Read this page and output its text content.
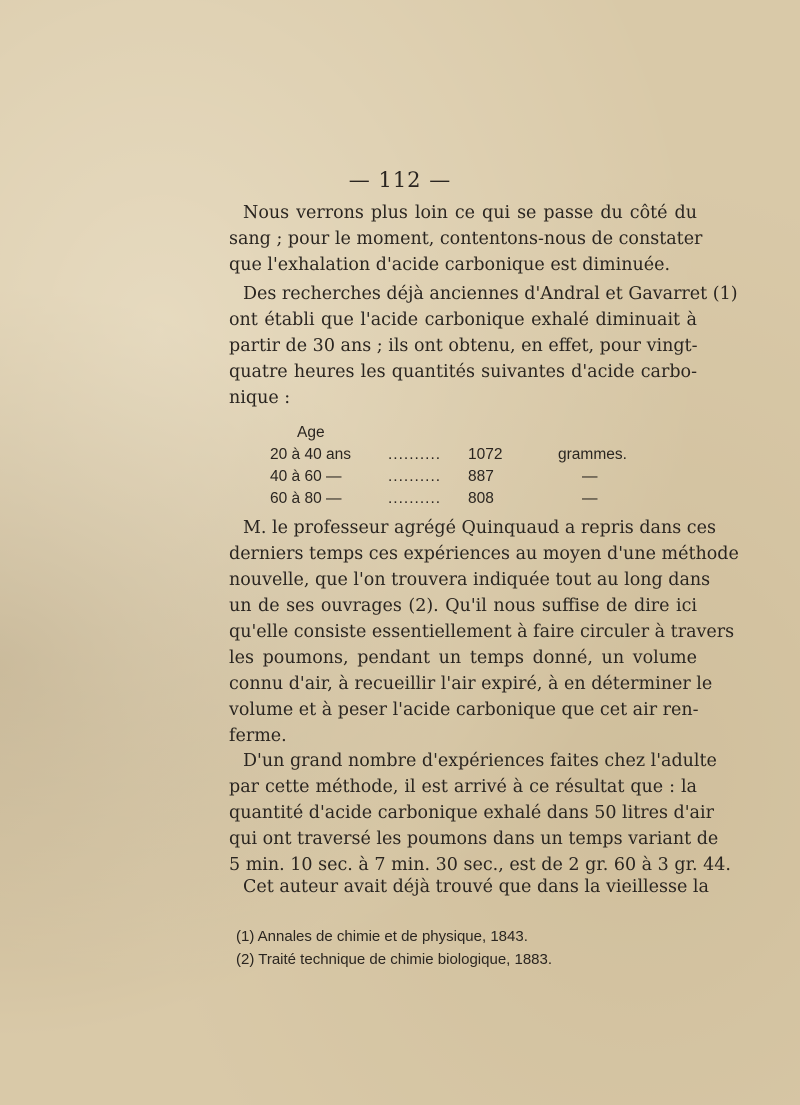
— 112 —
Nous verrons plus loin ce qui se passe du côté du
sang ; pour le moment, contentons-nous de constater
que l'exhalation d'acide carbonique est diminuée.
Des recherches déjà anciennes d'Andral et Gavarret (1)
ont établi que l'acide carbonique exhalé diminuait à
partir de 30 ans ; ils ont obtenu, en effet, pour vingt-
quatre heures les quantités suivantes d'acide carbo-
nique :
Age
20 à 40 ans	..........	1072	grammes.
40 à 60 —	..........	887	—
60 à 80 —	..........	808	—
M. le professeur agrégé Quinquaud a repris dans ces
derniers temps ces expériences au moyen d'une méthode
nouvelle, que l'on trouvera indiquée tout au long dans
un de ses ouvrages (2). Qu'il nous suffise de dire ici
qu'elle consiste essentiellement à faire circuler à travers
les poumons, pendant un temps donné, un volume
connu d'air, à recueillir l'air expiré, à en déterminer le
volume et à peser l'acide carbonique que cet air ren-
ferme.
D'un grand nombre d'expériences faites chez l'adulte
par cette méthode, il est arrivé à ce résultat que : la
quantité d'acide carbonique exhalé dans 50 litres d'air
qui ont traversé les poumons dans un temps variant de
5 min. 10 sec. à 7 min. 30 sec., est de 2 gr. 60 à 3 gr. 44.
Cet auteur avait déjà trouvé que dans la vieillesse la
(1) Annales de chimie et de physique, 1843.
(2) Traité technique de chimie biologique, 1883.
